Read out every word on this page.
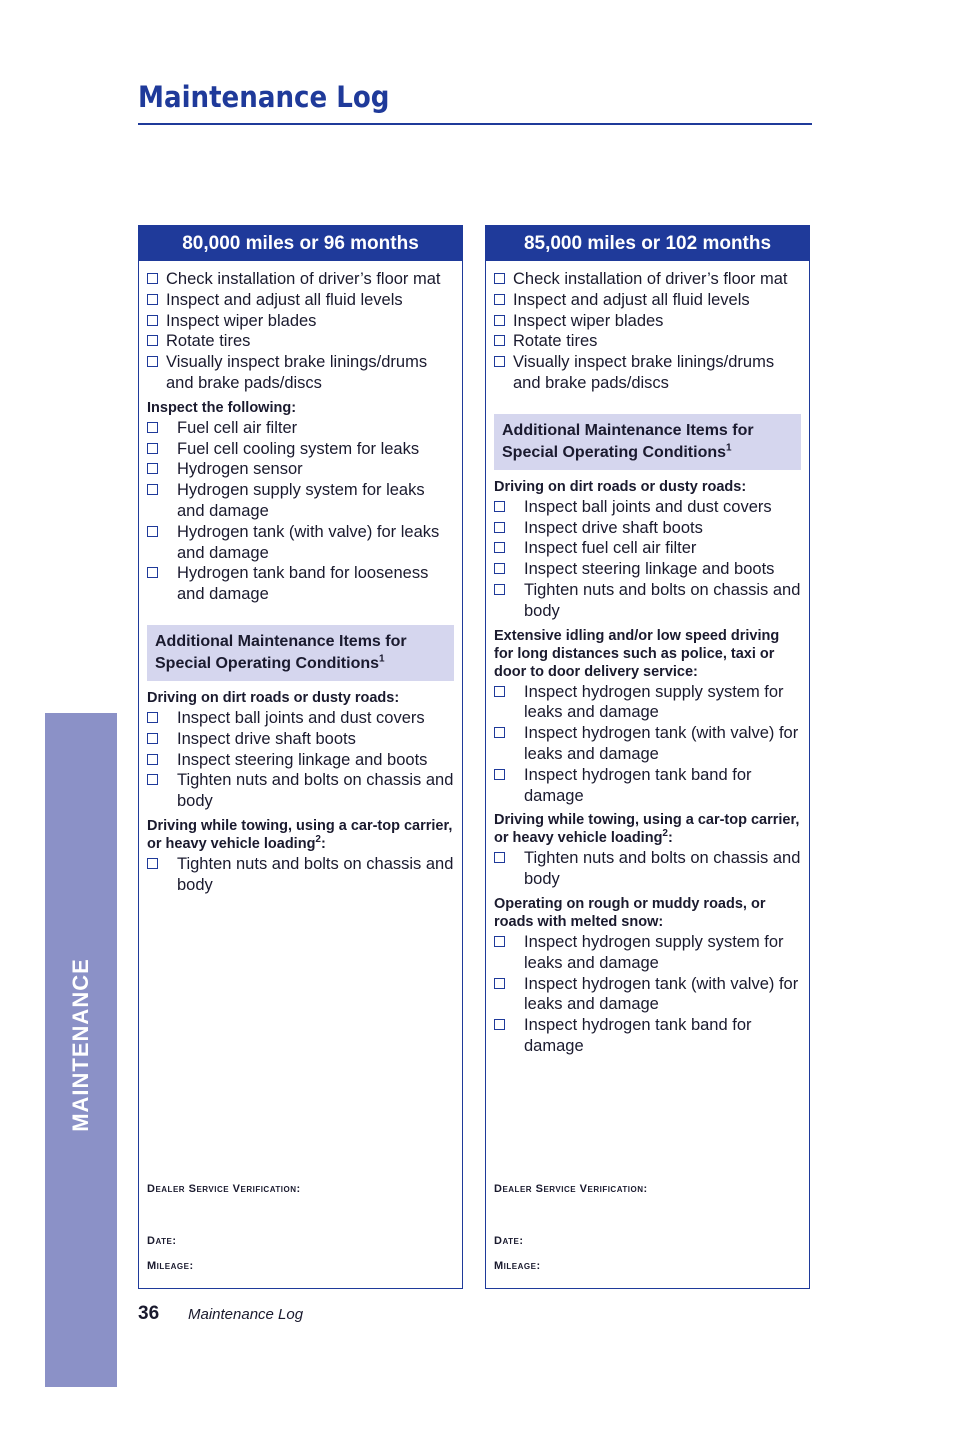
Maintenance Log
MAINTENANCE
80,000 miles or 96 months
Check installation of driver’s floor mat
Inspect and adjust all fluid levels
Inspect wiper blades
Rotate tires
Visually inspect brake linings/drums and brake pads/discs
Inspect the following:
Fuel cell air filter
Fuel cell cooling system for leaks
Hydrogen sensor
Hydrogen supply system for leaks and damage
Hydrogen tank (with valve) for leaks and damage
Hydrogen tank band for looseness and damage
Additional Maintenance Items for Special Operating Conditions$^1$
Driving on dirt roads or dusty roads:
Inspect ball joints and dust covers
Inspect drive shaft boots
Inspect steering linkage and boots
Tighten nuts and bolts on chassis and body
Driving while towing, using a car-top carrier, or heavy vehicle loading$^2$:
Tighten nuts and bolts on chassis and body
Dealer Service Verification:
Date:
Mileage:
85,000 miles or 102 months
Check installation of driver’s floor mat
Inspect and adjust all fluid levels
Inspect wiper blades
Rotate tires
Visually inspect brake linings/drums and brake pads/discs
Additional Maintenance Items for Special Operating Conditions$^1$
Driving on dirt roads or dusty roads:
Inspect ball joints and dust covers
Inspect drive shaft boots
Inspect fuel cell air filter
Inspect steering linkage and boots
Tighten nuts and bolts on chassis and body
Extensive idling and/or low speed driving for long distances such as police, taxi or door to door delivery service:
Inspect hydrogen supply system for leaks and damage
Inspect hydrogen tank (with valve) for leaks and damage
Inspect hydrogen tank band for damage
Driving while towing, using a car-top carrier, or heavy vehicle loading$^2$:
Tighten nuts and bolts on chassis and body
Operating on rough or muddy roads, or roads with melted snow:
Inspect hydrogen supply system for leaks and damage
Inspect hydrogen tank (with valve) for leaks and damage
Inspect hydrogen tank band for damage
Dealer Service Verification:
Date:
Mileage:
36 Maintenance Log
